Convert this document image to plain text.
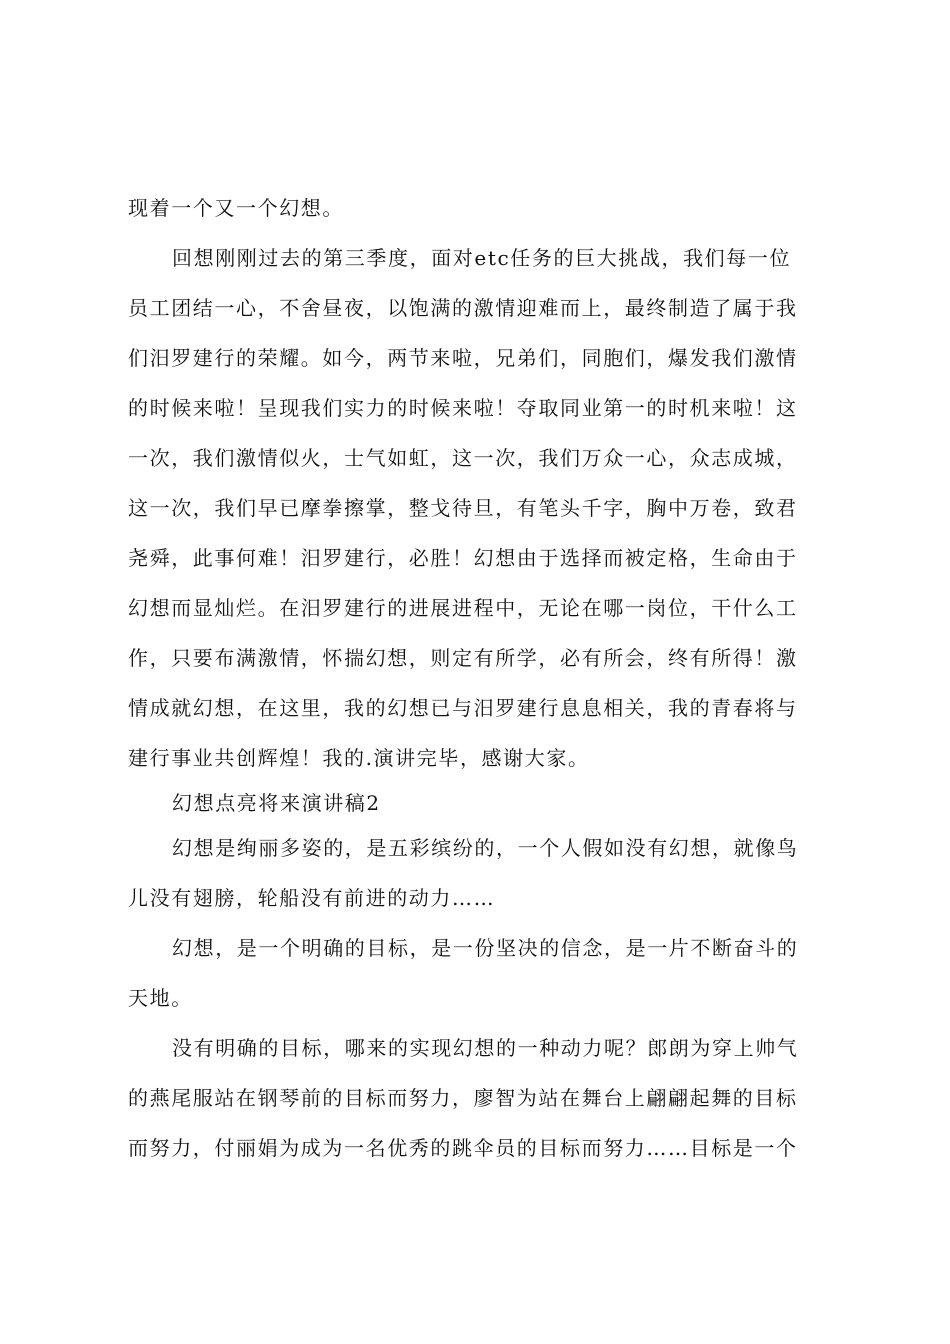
现着一个又一个幻想。

回想刚刚过去的第三季度，面对etc任务的巨大挑战，我们每一位
员工团结一心，不舍昼夜，以饱满的激情迎难而上，最终制造了属于我
们汨罗建行的荣耀。如今，两节来啦，兄弟们，同胞们，爆发我们激情
的时候来啦！呈现我们实力的时候来啦！夺取同业第一的时机来啦！这
一次，我们激情似火，士气如虹，这一次，我们万众一心，众志成城，
这一次，我们早已摩拳擦掌，整戈待旦，有笔头千字，胸中万卷，致君
尧舜，此事何难！汨罗建行，必胜！幻想由于选择而被定格，生命由于
幻想而显灿烂。在汨罗建行的进展进程中，无论在哪一岗位，干什么工
作，只要布满激情，怀揣幻想，则定有所学，必有所会，终有所得！激
情成就幻想，在这里，我的幻想已与汨罗建行息息相关，我的青春将与
建行事业共创辉煌！我的.演讲完毕，感谢大家。

幻想点亮将来演讲稿2

幻想是绚丽多姿的，是五彩缤纷的，一个人假如没有幻想，就像鸟
儿没有翅膀，轮船没有前进的动力……

幻想，是一个明确的目标，是一份坚决的信念，是一片不断奋斗的
天地。

没有明确的目标，哪来的实现幻想的一种动力呢？郎朗为穿上帅气
的燕尾服站在钢琴前的目标而努力，廖智为站在舞台上翩翩起舞的目标
而努力，付丽娟为成为一名优秀的跳伞员的目标而努力……目标是一个
